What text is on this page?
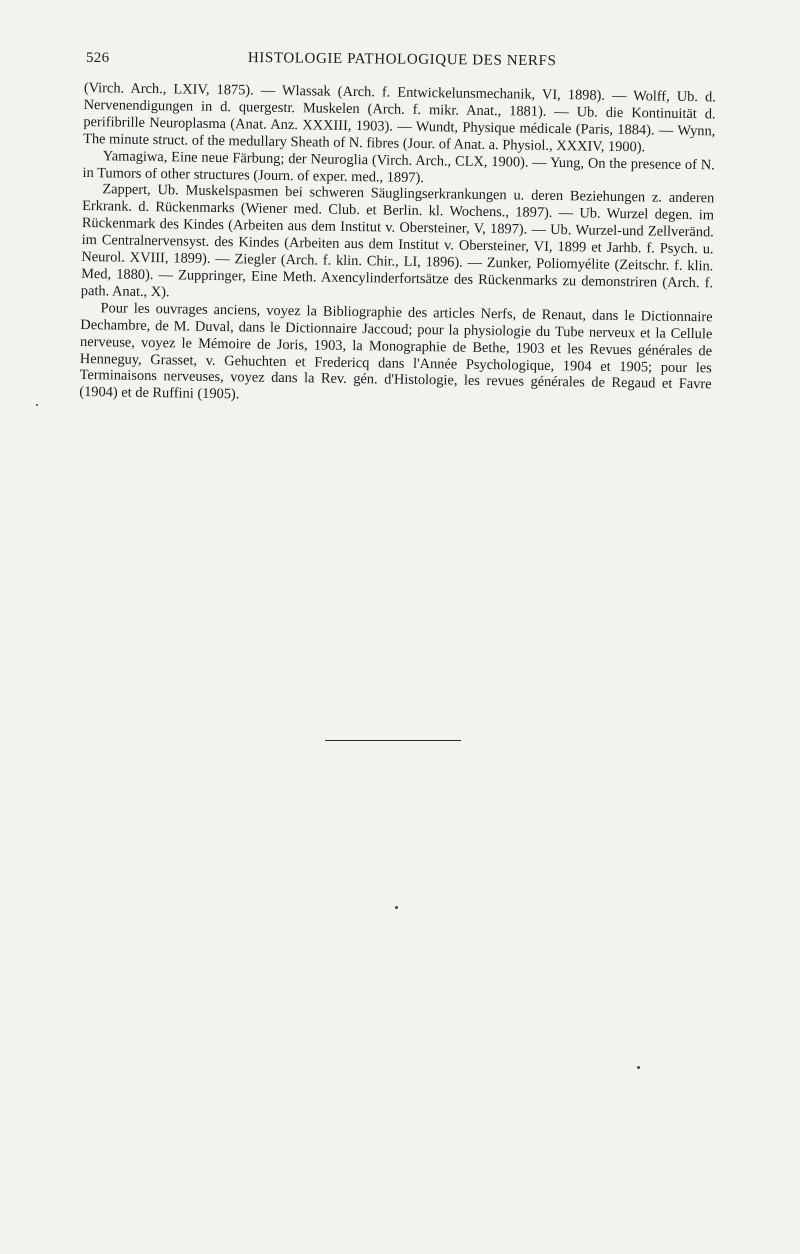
526	HISTOLOGIE PATHOLOGIQUE DES NERFS

(Virch. Arch., LXIV, 1875). — Wlassak (Arch. f. Entwickelunsmechanik, VI, 1898). — Wolff, Ub. d. Nervenendigungen in d. quergestr. Muskelen (Arch. f. mikr. Anat., 1881). — Ub. die Kontinuität d. perifibrille Neuroplasma (Anat. Anz. XXXIII, 1903). — Wundt, Physique médicale (Paris, 1884). — Wynn, The minute struct. of the medullary Sheath of N. fibres (Jour. of Anat. a. Physiol., XXXIV, 1900).

Yamagiwa, Eine neue Färbung; der Neuroglia (Virch. Arch., CLX, 1900). — Yung, On the presence of N. in Tumors of other structures (Journ. of exper. med., 1897).

Zappert, Ub. Muskelspasmen bei schweren Säuglingserkrankungen u. deren Beziehungen z. anderen Erkrank. d. Rückenmarks (Wiener med. Club. et Berlin. kl. Wochens., 1897). — Ub. Wurzel degen. im Rückenmark des Kindes (Arbeiten aus dem Institut v. Obersteiner, V, 1897). — Ub. Wurzel-und Zellveränd. im Centralnervensyst. des Kindes (Arbeiten aus dem Institut v. Obersteiner, VI, 1899 et Jarhb. f. Psych. u. Neurol. XVIII, 1899). — Ziegler (Arch. f. klin. Chir., LI, 1896). — Zunker, Poliomyélite (Zeitschr. f. klin. Med, 1880). — Zuppringer, Eine Meth. Axencylinderfortsätze des Rückenmarks zu demonstriren (Arch. f. path. Anat., X).

Pour les ouvrages anciens, voyez la Bibliographie des articles Nerfs, de Renaut, dans le Dictionnaire Dechambre, de M. Duval, dans le Dictionnaire Jaccoud; pour la physiologie du Tube nerveux et la Cellule nerveuse, voyez le Mémoire de Joris, 1903, la Monographie de Bethe, 1903 et les Revues générales de Henneguy, Grasset, v. Gehuchten et Fredericq dans l'Année Psychologique, 1904 et 1905; pour les Terminaisons nerveuses, voyez dans la Rev. gén. d'Histologie, les revues générales de Regaud et Favre (1904) et de Ruffini (1905).
